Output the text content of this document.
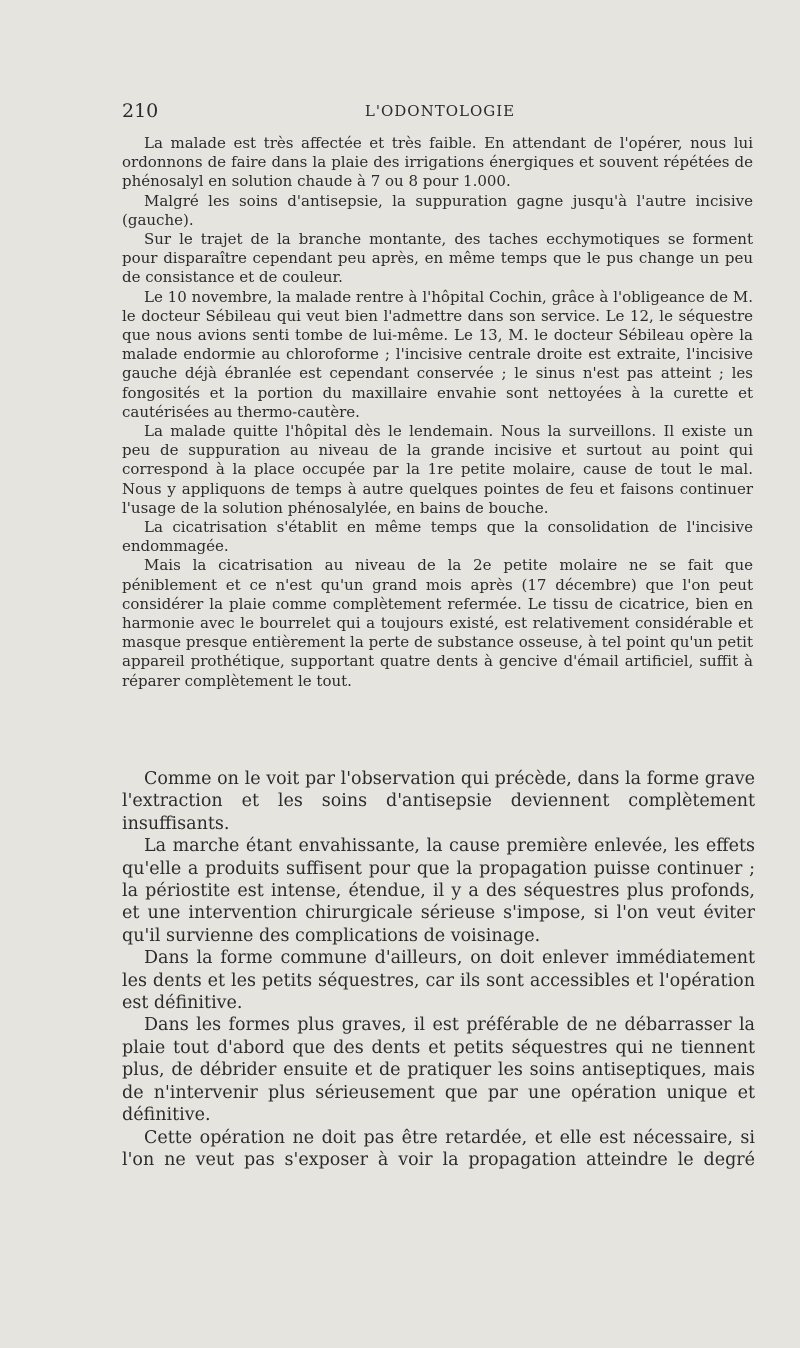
210	L'ODONTOLOGIE

La malade est très affectée et très faible. En attendant de l'opérer, nous lui ordonnons de faire dans la plaie des irrigations énergiques et souvent répétées de phénosalyl en solution chaude à 7 ou 8 pour 1.000.

Malgré les soins d'antisepsie, la suppuration gagne jusqu'à l'autre incisive (gauche).

Sur le trajet de la branche montante, des taches ecchymotiques se forment pour disparaître cependant peu après, en même temps que le pus change un peu de consistance et de couleur.

Le 10 novembre, la malade rentre à l'hôpital Cochin, grâce à l'obligeance de M. le docteur Sébileau qui veut bien l'admettre dans son service. Le 12, le séquestre que nous avions senti tombe de lui-même. Le 13, M. le docteur Sébileau opère la malade endormie au chloroforme ; l'incisive centrale droite est extraite, l'incisive gauche déjà ébranlée est cependant conservée ; le sinus n'est pas atteint ; les fongosités et la portion du maxillaire envahie sont nettoyées à la curette et cautérisées au thermo-cautère.

La malade quitte l'hôpital dès le lendemain. Nous la surveillons. Il existe un peu de suppuration au niveau de la grande incisive et surtout au point qui correspond à la place occupée par la 1re petite molaire, cause de tout le mal. Nous y appliquons de temps à autre quelques pointes de feu et faisons continuer l'usage de la solution phénosalylée, en bains de bouche.

La cicatrisation s'établit en même temps que la consolidation de l'incisive endommagée.

Mais la cicatrisation au niveau de la 2e petite molaire ne se fait que péniblement et ce n'est qu'un grand mois après (17 décembre) que l'on peut considérer la plaie comme complètement refermée. Le tissu de cicatrice, bien en harmonie avec le bourrelet qui a toujours existé, est relativement considérable et masque presque entièrement la perte de substance osseuse, à tel point qu'un petit appareil prothétique, supportant quatre dents à gencive d'émail artificiel, suffit à réparer complètement le tout.

Comme on le voit par l'observation qui précède, dans la forme grave l'extraction et les soins d'antisepsie deviennent complètement insuffisants.

La marche étant envahissante, la cause première enlevée, les effets qu'elle a produits suffisent pour que la propagation puisse continuer ; la périostite est intense, étendue, il y a des séquestres plus profonds, et une intervention chirurgicale sérieuse s'impose, si l'on veut éviter qu'il survienne des complications de voisinage.

Dans la forme commune d'ailleurs, on doit enlever immédiatement les dents et les petits séquestres, car ils sont accessibles et l'opération est définitive.

Dans les formes plus graves, il est préférable de ne débarrasser la plaie tout d'abord que des dents et petits séquestres qui ne tiennent plus, de débrider ensuite et de pratiquer les soins antiseptiques, mais de n'intervenir plus sérieusement que par une opération unique et définitive.

Cette opération ne doit pas être retardée, et elle est nécessaire, si l'on ne veut pas s'exposer à voir la propagation atteindre le degré
